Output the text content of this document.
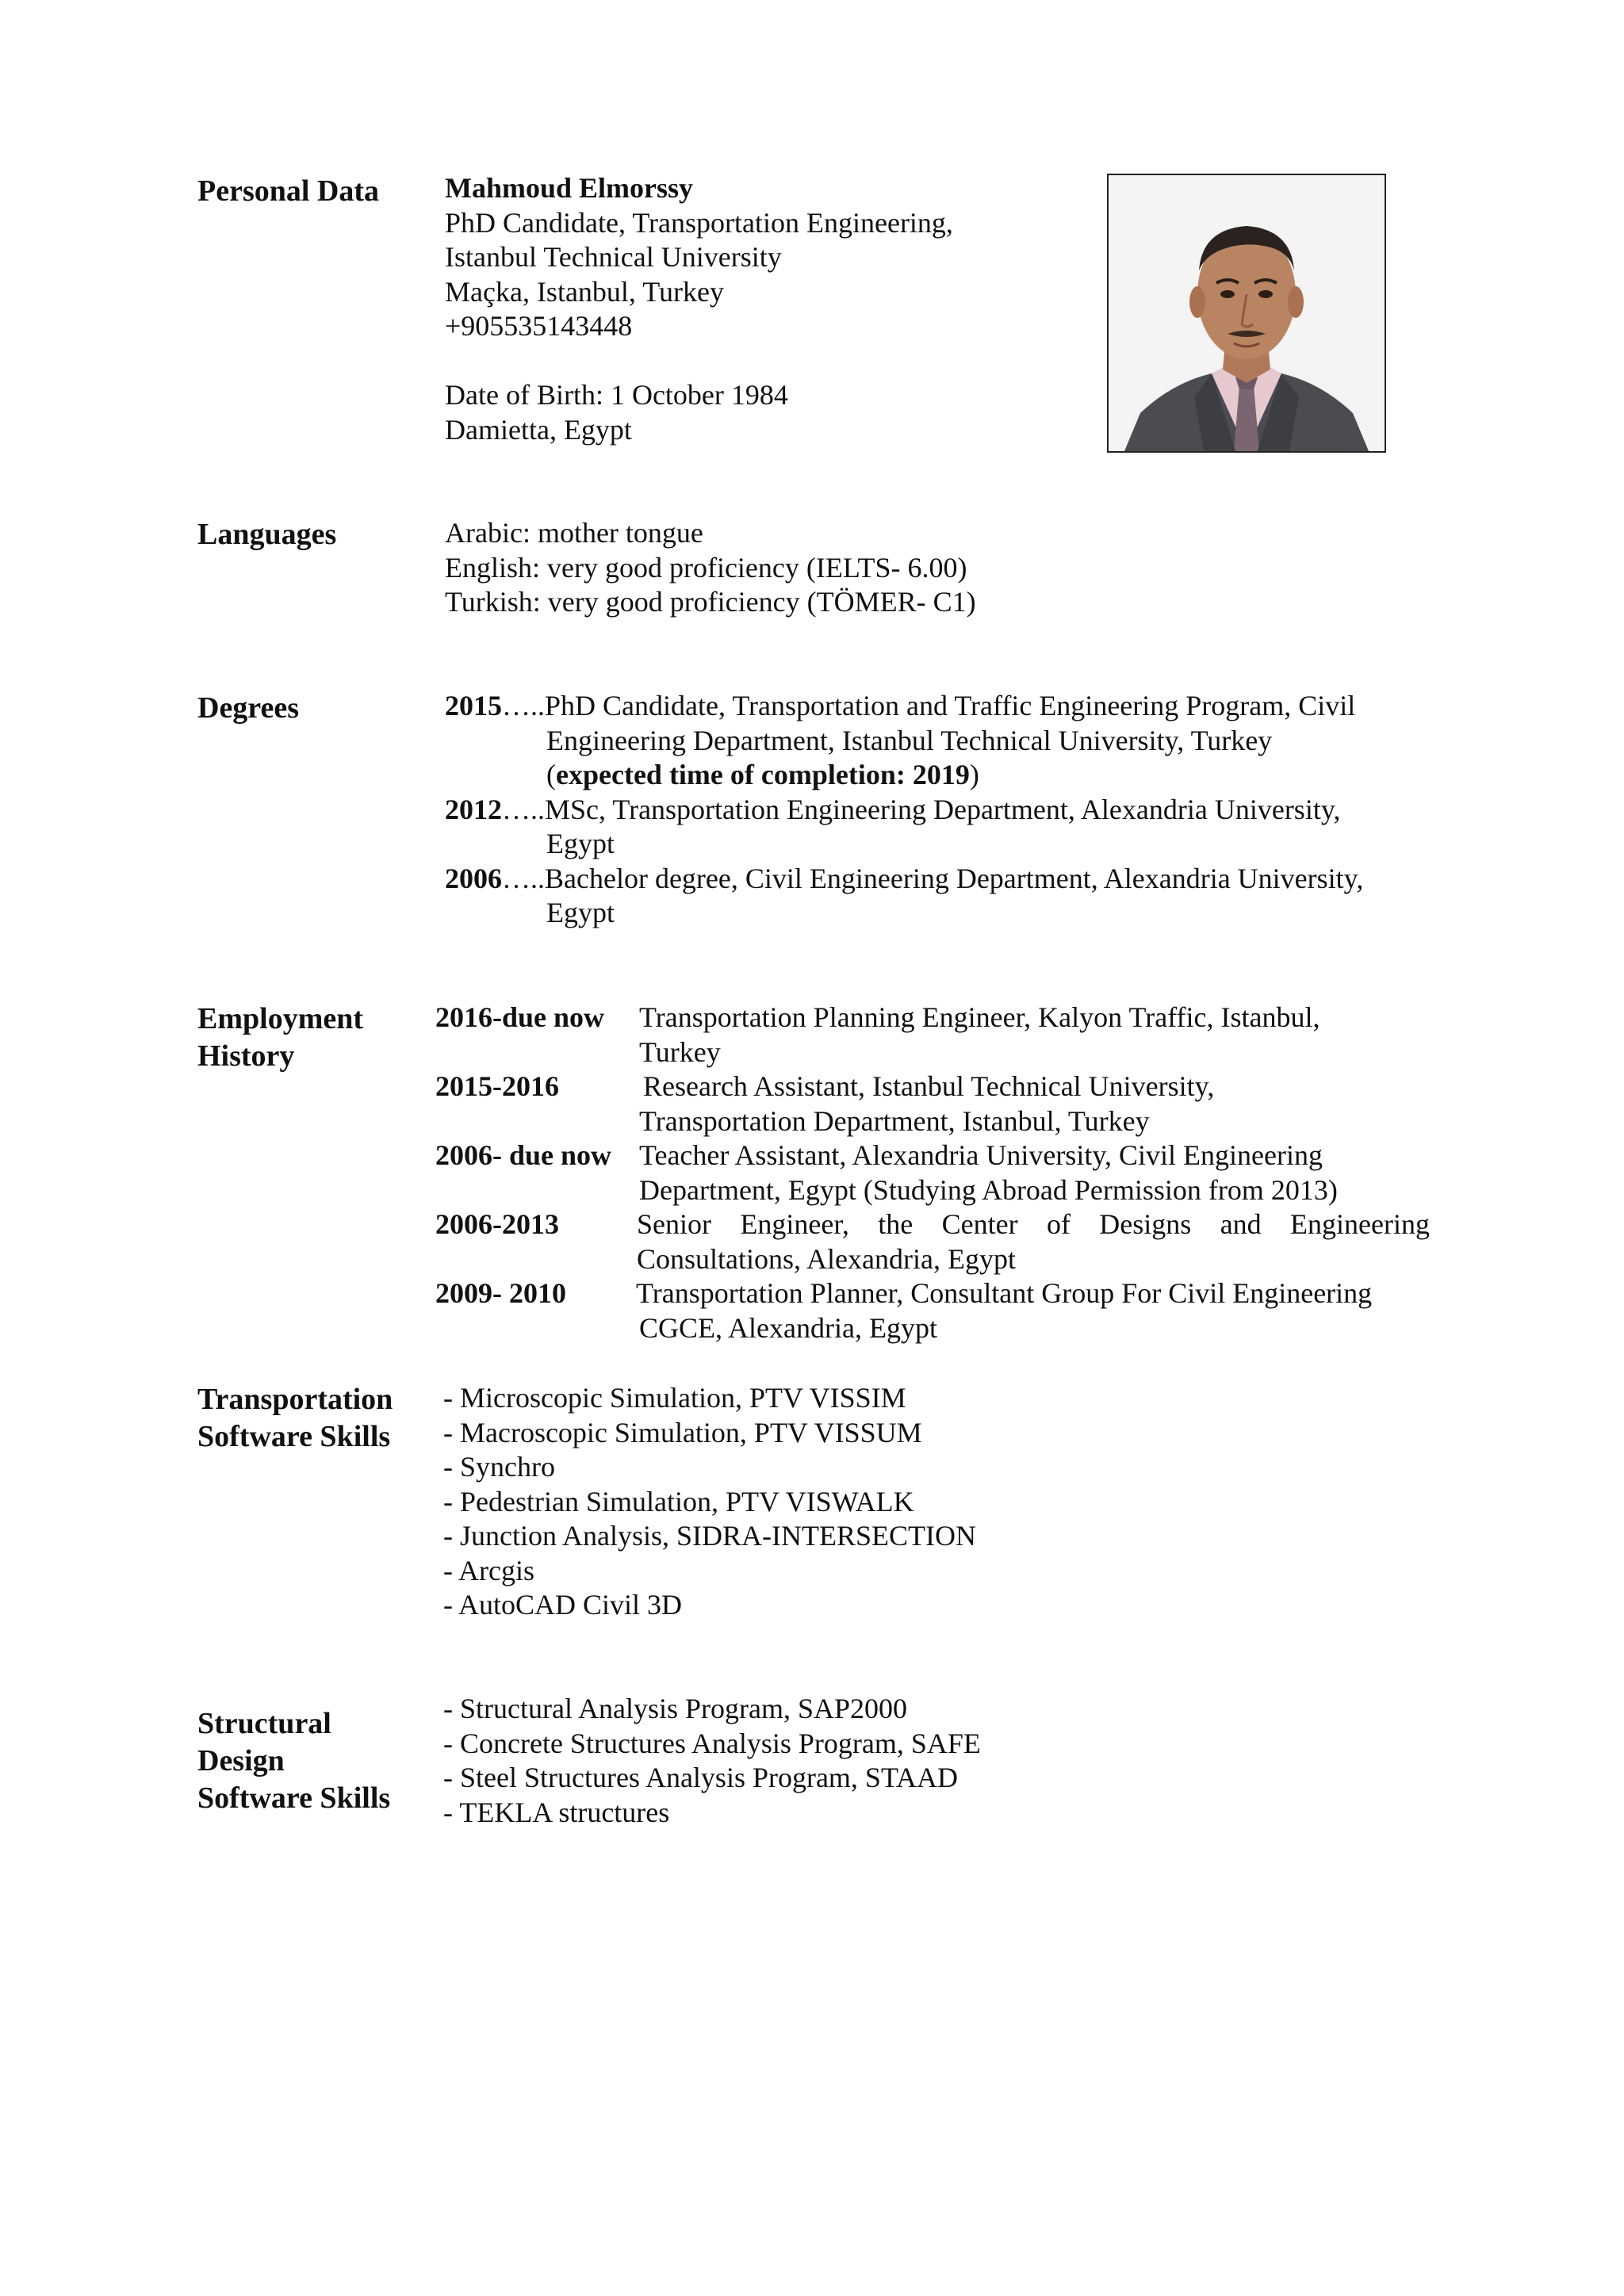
Personal Data Mahmoud Elmorssy
PhD Candidate, Transportation Engineering,
Istanbul Technical University
Maçka, Istanbul, Turkey
+905535143448
Date of Birth: 1 October 1984
Damietta, Egypt
Languages	Arabic: mother tongue
English: very good proficiency (IELTS- 6.00)
Turkish: very good proficiency (TÖMER- C1)
Degrees	2015…..PhD Candidate, Transportation and Traffic Engineering Program, Civil
Engineering Department, Istanbul Technical University, Turkey
(expected time of completion: 2019)
2012…..MSc, Transportation Engineering Department, Alexandria University,
Egypt
2006…..Bachelor degree, Civil Engineering Department, Alexandria University,
Egypt
Employment
History
2016-due now Transportation Planning Engineer, Kalyon Traffic, Istanbul,
Turkey
2015-2016	Research Assistant, Istanbul Technical University,
Transportation Department, Istanbul, Turkey
2006- due now Teacher Assistant, Alexandria University, Civil Engineering
Department, Egypt (Studying Abroad Permission from 2013)
2006-2013	Senior Engineer, the Center of Designs and Engineering
Consultations, Alexandria, Egypt
2009- 2010 Transportation Planner, Consultant Group For Civil Engineering
CGCE, Alexandria, Egypt
Transportation
Software Skills
- Microscopic Simulation, PTV VISSIM
- Macroscopic Simulation, PTV VISSUM
- Synchro
- Pedestrian Simulation, PTV VISWALK
- Junction Analysis, SIDRA-INTERSECTION
- Arcgis
- AutoCAD Civil 3D
Structural
Design
Software Skills
- Structural Analysis Program, SAP2000
- Concrete Structures Analysis Program, SAFE
- Steel Structures Analysis Program, STAAD
- TEKLA structures
